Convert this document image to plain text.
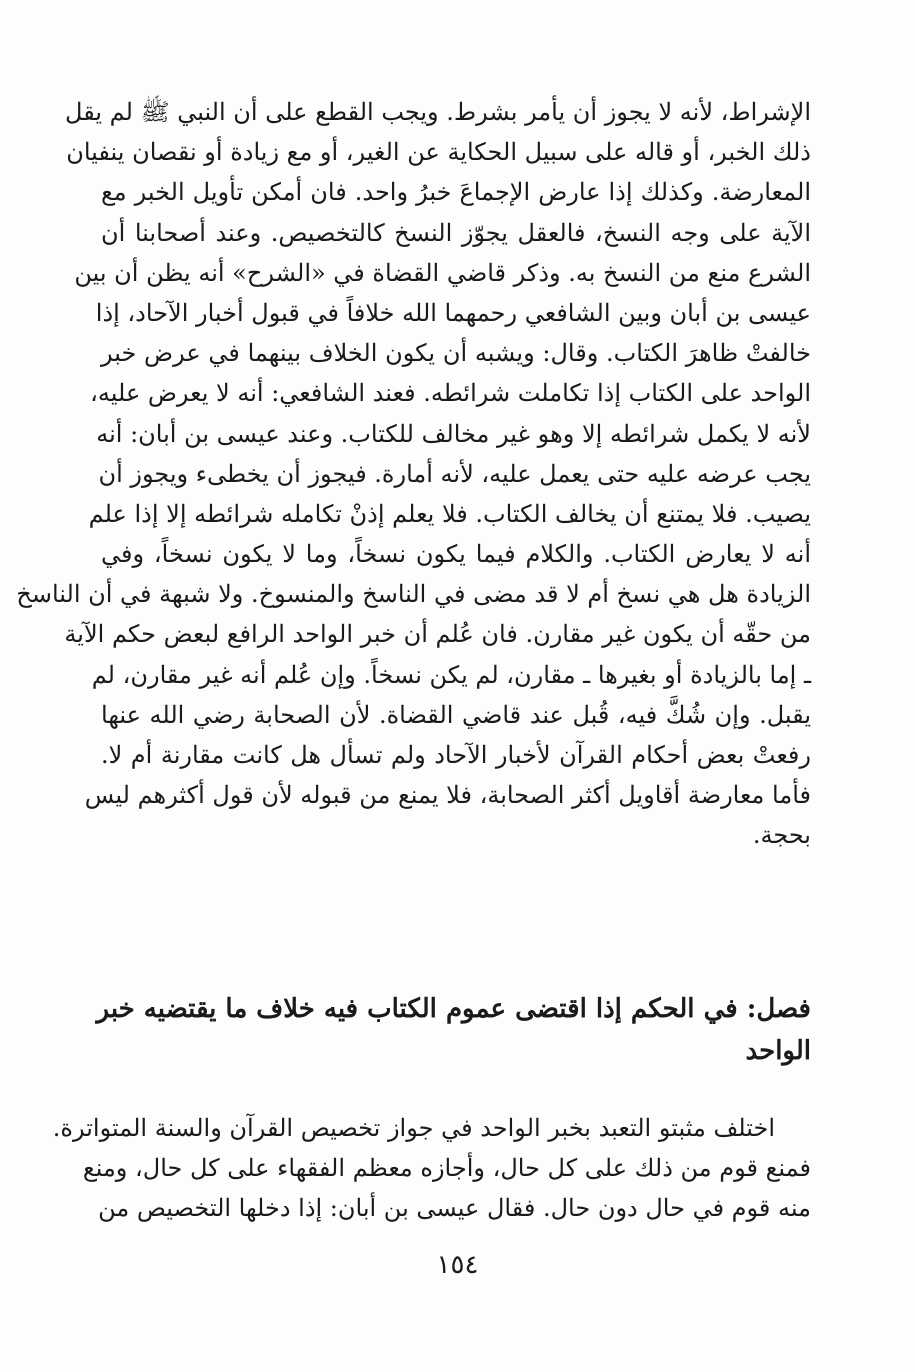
الإشراط، لأنه لا يجوز أن يأمر بشرط. ويجب القطع على أن النبي ﷺ لم يقل
ذلك الخبر، أو قاله على سبيل الحكاية عن الغير، أو مع زيادة أو نقصان ينفيان
المعارضة. وكذلك إذا عارض الإجماعَ خبرُ واحد. فان أمكن تأويل الخبر مع
الآية على وجه النسخ، فالعقل يجوّز النسخ كالتخصيص. وعند أصحابنا أن
الشرع منع من النسخ به. وذكر قاضي القضاة في «الشرح» أنه يظن أن بين
عيسى بن أبان وبين الشافعي رحمهما الله خلافاً في قبول أخبار الآحاد، إذا
خالفتْ ظاهرَ الكتاب. وقال: ويشبه أن يكون الخلاف بينهما في عرض خبر
الواحد على الكتاب إذا تكاملت شرائطه. فعند الشافعي: أنه لا يعرض عليه،
لأنه لا يكمل شرائطه إلا وهو غير مخالف للكتاب. وعند عيسى بن أبان: أنه
يجب عرضه عليه حتى يعمل عليه، لأنه أمارة. فيجوز أن يخطىء ويجوز أن
يصيب. فلا يمتنع أن يخالف الكتاب. فلا يعلم إذنْ تكامله شرائطه إلا إذا علم
أنه لا يعارض الكتاب. والكلام فيما يكون نسخاً، وما لا يكون نسخاً، وفي
الزيادة هل هي نسخ أم لا قد مضى في الناسخ والمنسوخ. ولا شبهة في أن الناسخ
من حقّه أن يكون غير مقارن. فان عُلم أن خبر الواحد الرافع لبعض حكم الآية
ـ إما بالزيادة أو بغيرها ـ مقارن، لم يكن نسخاً. وإن عُلم أنه غير مقارن، لم
يقبل. وإن شُكَّ فيه، قُبل عند قاضي القضاة. لأن الصحابة رضي الله عنها
رفعتْ بعض أحكام القرآن لأخبار الآحاد ولم تسأل هل كانت مقارنة أم لا.
فأما معارضة أقاويل أكثر الصحابة، فلا يمنع من قبوله لأن قول أكثرهم ليس
بحجة.
فصل: في الحكم إذا اقتضى عموم الكتاب فيه خلاف ما يقتضيه خبر
الواحد
اختلف مثبتو التعبد بخبر الواحد في جواز تخصيص القرآن والسنة المتواترة.
فمنع قوم من ذلك على كل حال، وأجازه معظم الفقهاء على كل حال، ومنع
منه قوم في حال دون حال. فقال عيسى بن أبان: إذا دخلها التخصيص من
١٥٤
